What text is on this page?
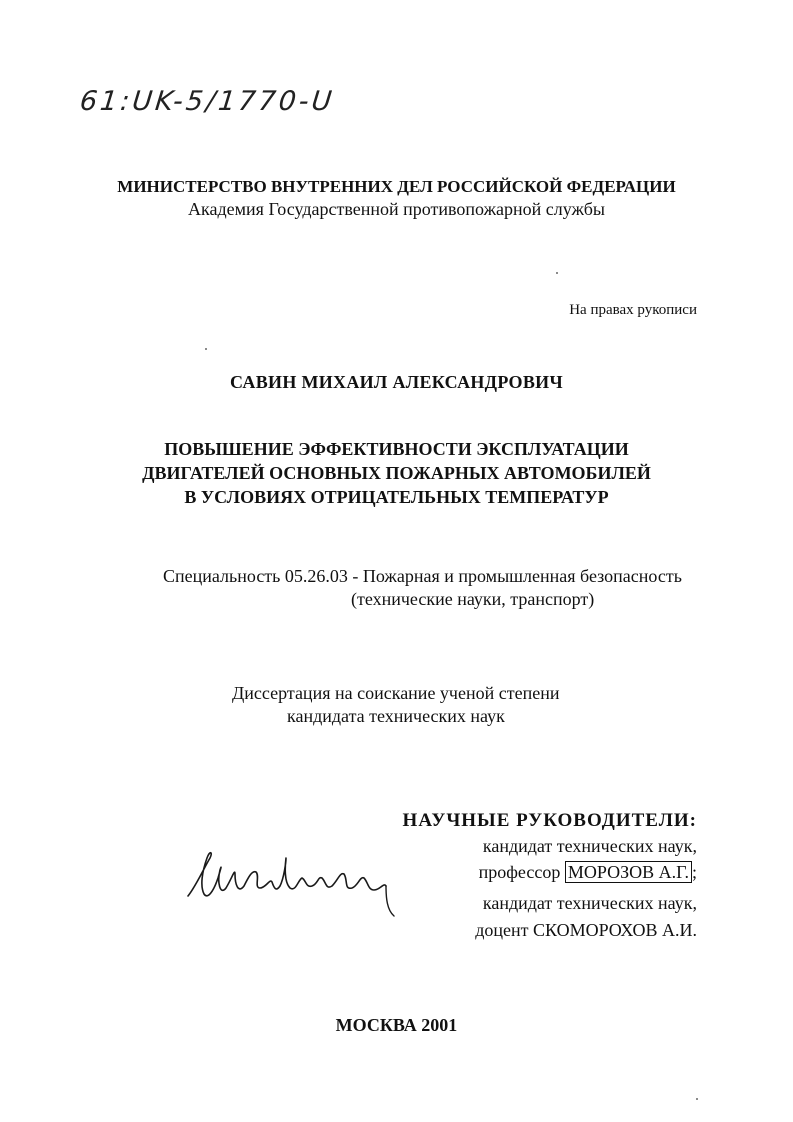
61:UK-5/1770-U
МИНИСТЕРСТВО ВНУТРЕННИХ ДЕЛ РОССИЙСКОЙ ФЕДЕРАЦИИ
Академия Государственной противопожарной службы
На правах рукописи
САВИН МИХАИЛ АЛЕКСАНДРОВИЧ
ПОВЫШЕНИЕ ЭФФЕКТИВНОСТИ ЭКСПЛУАТАЦИИ
ДВИГАТЕЛЕЙ ОСНОВНЫХ ПОЖАРНЫХ АВТОМОБИЛЕЙ
В УСЛОВИЯХ ОТРИЦАТЕЛЬНЫХ ТЕМПЕРАТУР
Специальность 05.26.03 - Пожарная и промышленная безопасность
(технические науки, транспорт)
Диссертация на соискание ученой степени
кандидата технических наук
НАУЧНЫЕ РУКОВОДИТЕЛИ:
кандидат технических наук,
профессор МОРОЗОВ А.Г. ;
кандидат технических наук,
доцент СКОМОРОХОВ А.И.
МОСКВА 2001
